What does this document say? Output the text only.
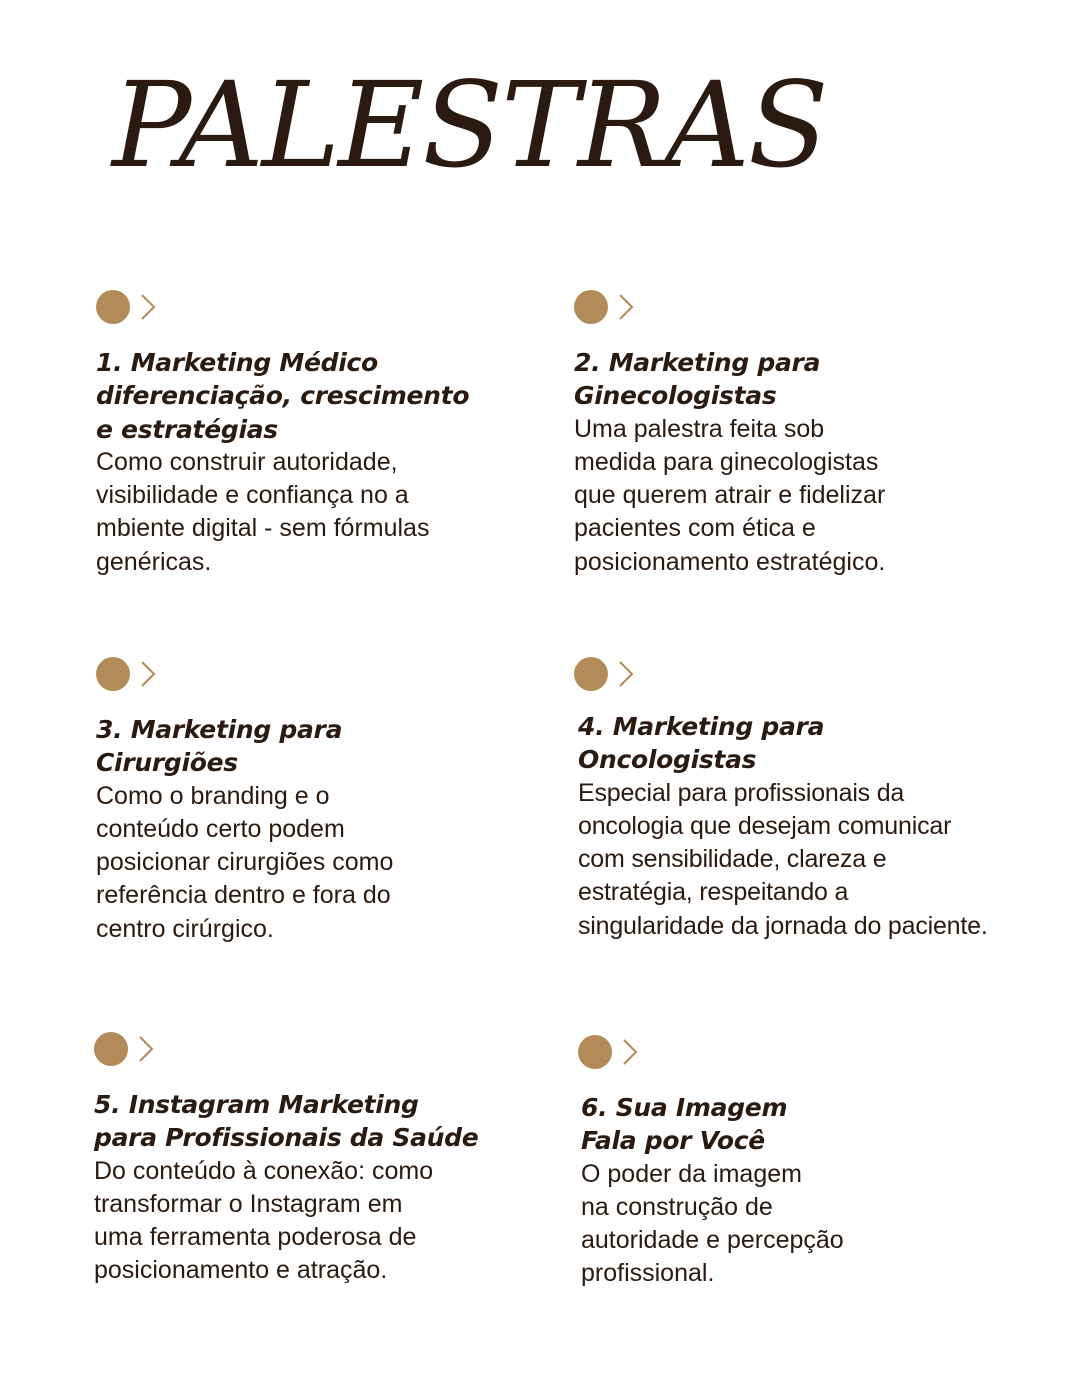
PALESTRAS
1. Marketing Médico
diferenciação, crescimento
e estratégias

Como construir autoridade,
visibilidade e confiança no a
mbiente digital - sem fórmulas
genéricas.

2. Marketing para
Ginecologistas

Uma palestra feita sob
medida para ginecologistas
que querem atrair e fidelizar
pacientes com ética e
posicionamento estratégico.

3. Marketing para
Cirurgiões

Como o branding e o
conteúdo certo podem
posicionar cirurgiões como
referência dentro e fora do
centro cirúrgico.

4. Marketing para
Oncologistas

Especial para profissionais da
oncologia que desejam comunicar
com sensibilidade, clareza e
estratégia, respeitando a
singularidade da jornada do paciente.

5. Instagram Marketing
para Profissionais da Saúde

Do conteúdo à conexão: como
transformar o Instagram em
uma ferramenta poderosa de
posicionamento e atração.

6. Sua Imagem
Fala por Você

O poder da imagem
na construção de
autoridade e percepção
profissional.
